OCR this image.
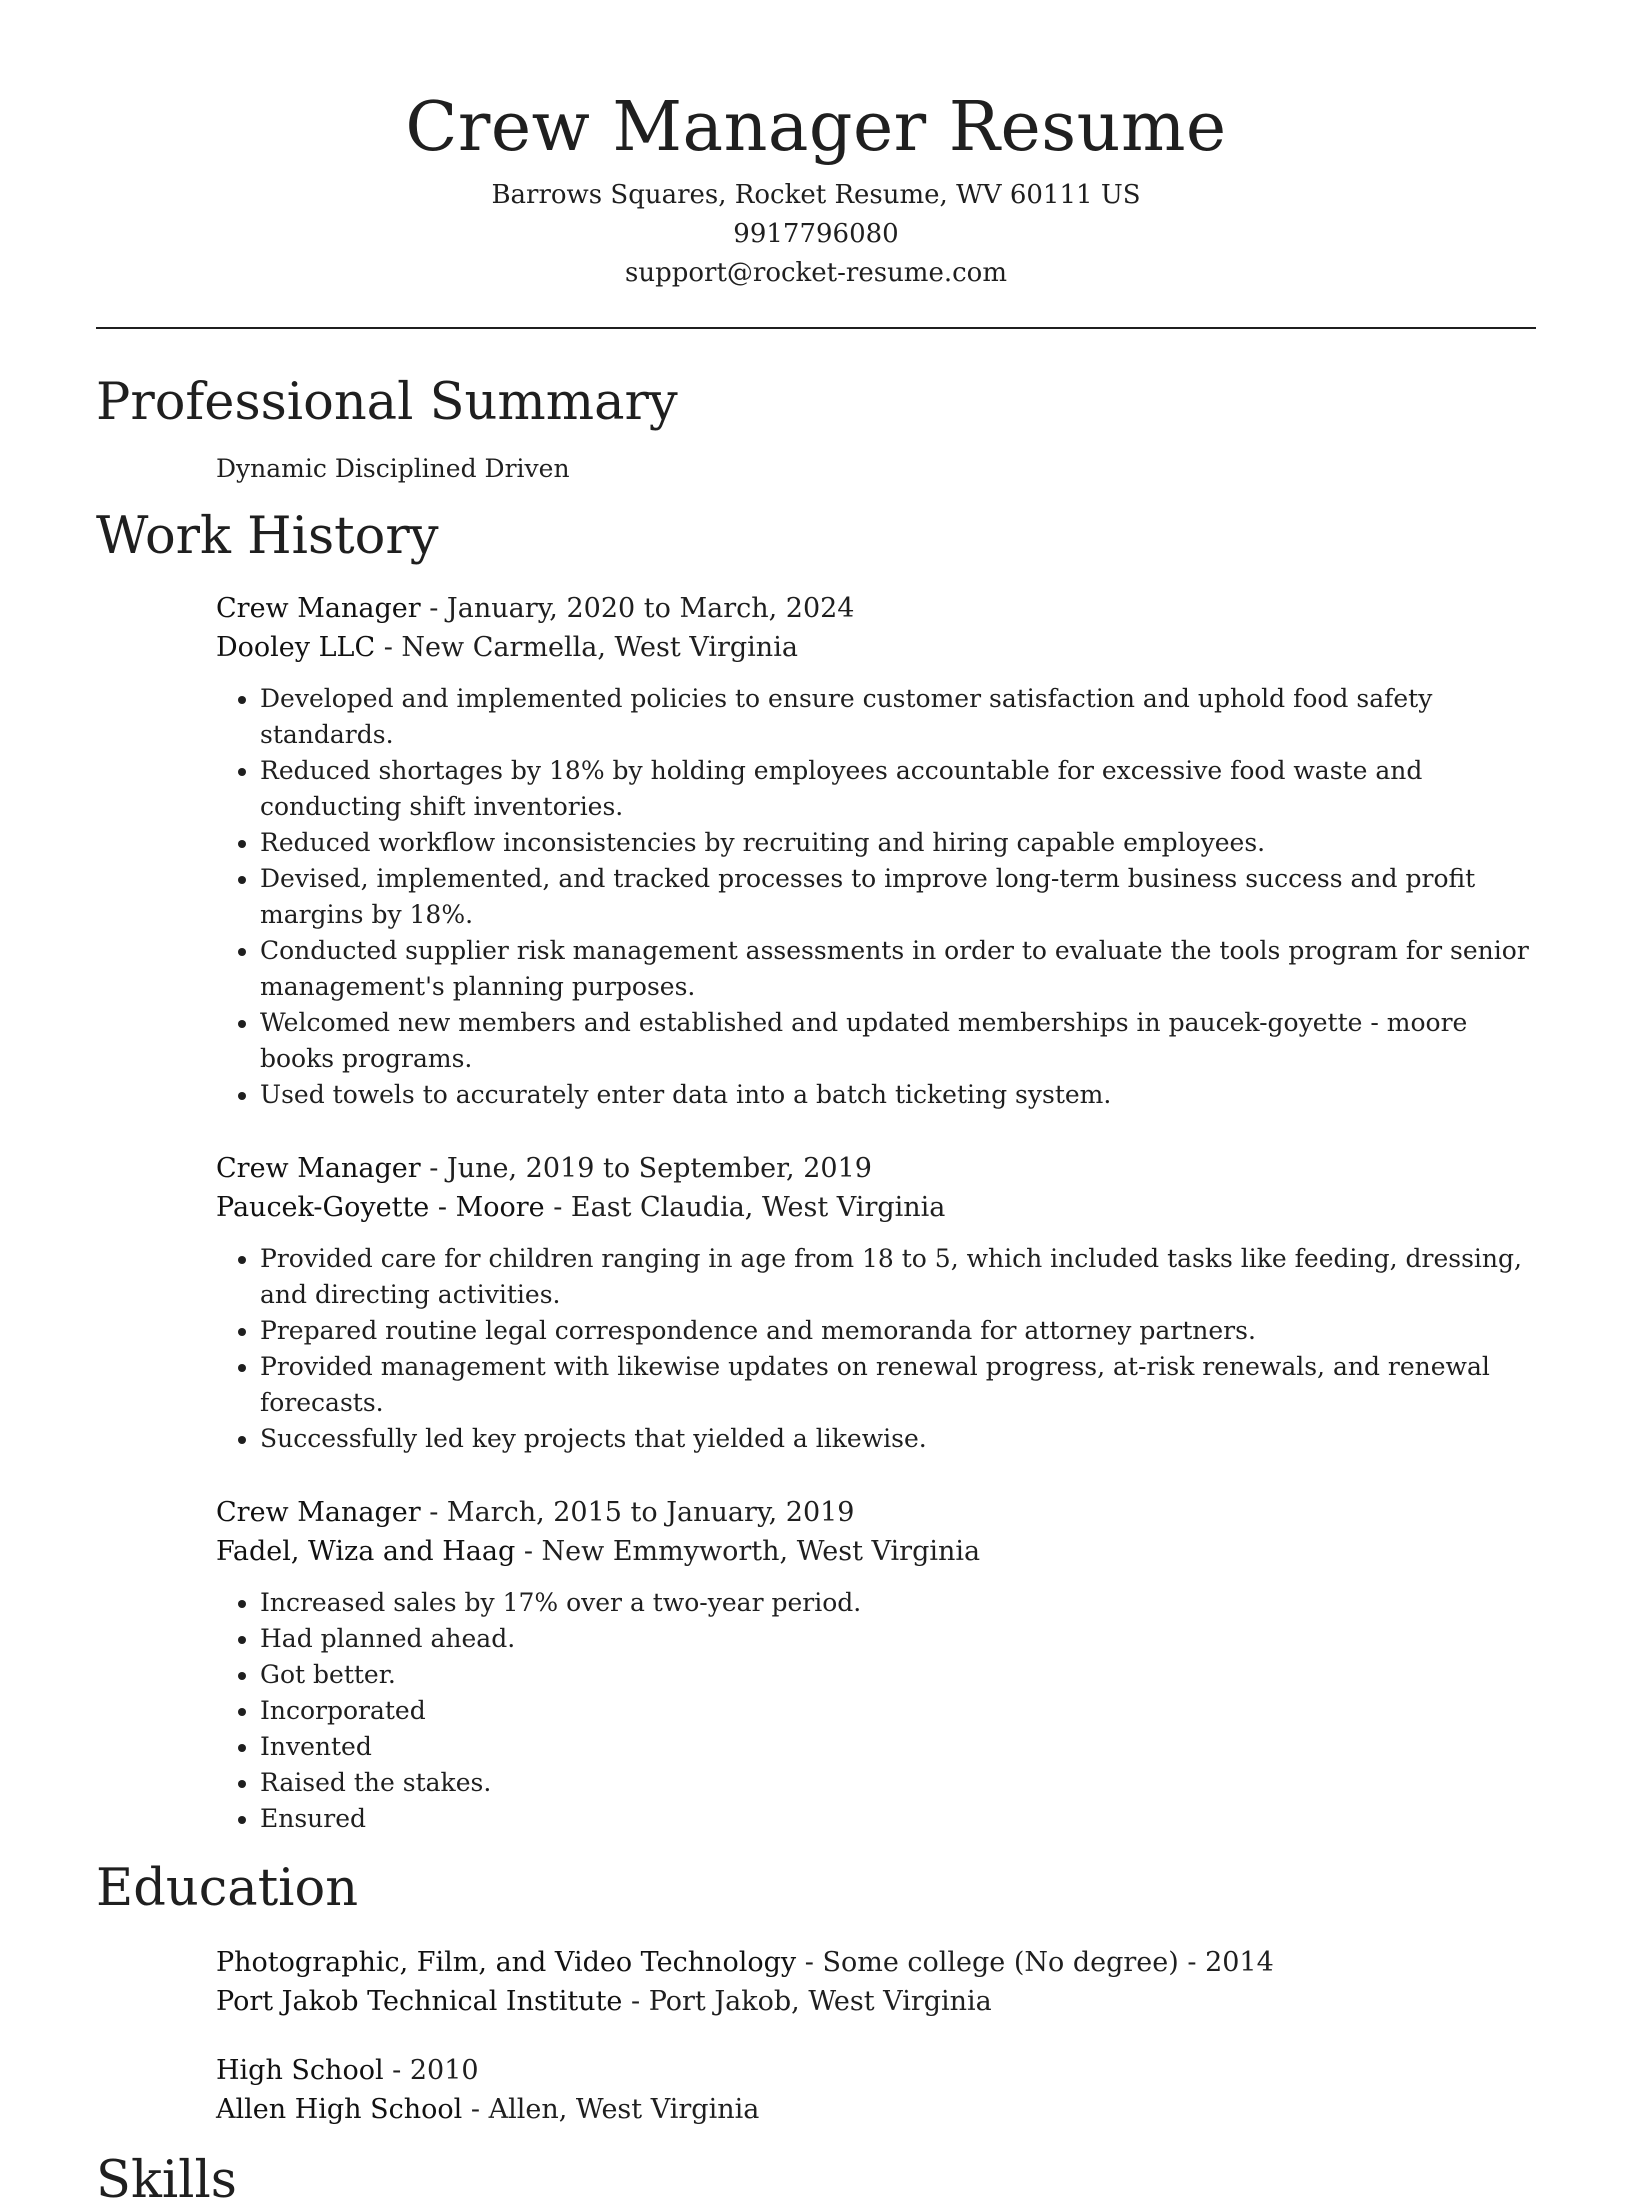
Crew Manager Resume
Barrows Squares, Rocket Resume, WV 60111 US
9917796080
support@rocket-resume.com
Professional Summary
Dynamic Disciplined Driven
Work History
Crew Manager - January, 2020 to March, 2024
Dooley LLC - New Carmella, West Virginia
• Developed and implemented policies to ensure customer satisfaction and uphold food safety standards.
• Reduced shortages by 18% by holding employees accountable for excessive food waste and conducting shift inventories.
• Reduced workflow inconsistencies by recruiting and hiring capable employees.
• Devised, implemented, and tracked processes to improve long-term business success and profit margins by 18%.
• Conducted supplier risk management assessments in order to evaluate the tools program for senior management's planning purposes.
• Welcomed new members and established and updated memberships in paucek-goyette - moore books programs.
• Used towels to accurately enter data into a batch ticketing system.
Crew Manager - June, 2019 to September, 2019
Paucek-Goyette - Moore - East Claudia, West Virginia
• Provided care for children ranging in age from 18 to 5, which included tasks like feeding, dressing, and directing activities.
• Prepared routine legal correspondence and memoranda for attorney partners.
• Provided management with likewise updates on renewal progress, at-risk renewals, and renewal forecasts.
• Successfully led key projects that yielded a likewise.
Crew Manager - March, 2015 to January, 2019
Fadel, Wiza and Haag - New Emmyworth, West Virginia
• Increased sales by 17% over a two-year period.
• Had planned ahead.
• Got better.
• Incorporated
• Invented
• Raised the stakes.
• Ensured
Education
Photographic, Film, and Video Technology - Some college (No degree) - 2014
Port Jakob Technical Institute - Port Jakob, West Virginia
High School - 2010
Allen High School - Allen, West Virginia
Skills
